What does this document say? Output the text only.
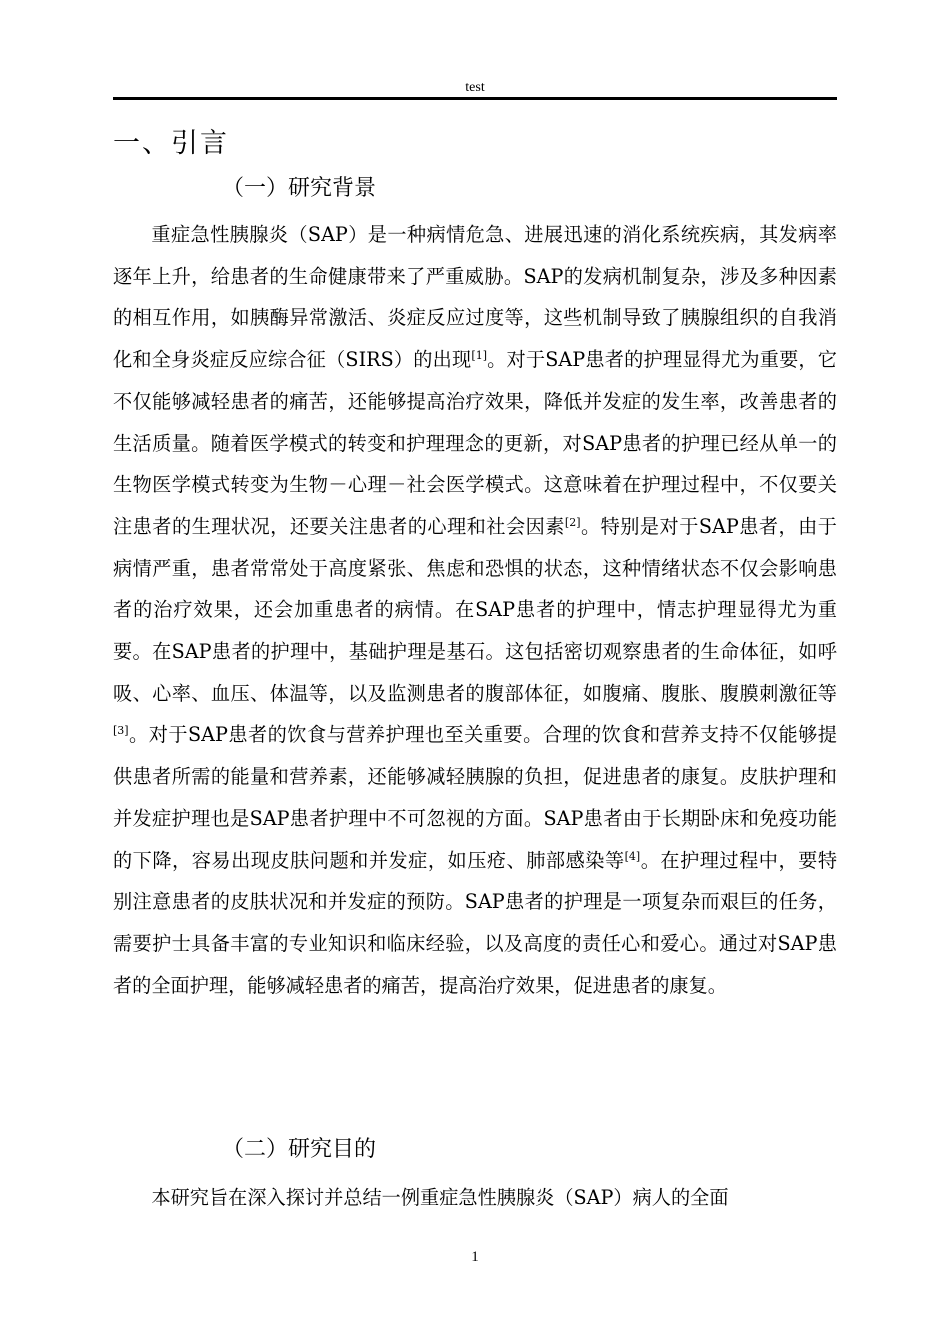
test
一、引言
（一）研究背景
重症急性胰腺炎（SAP）是一种病情危急、进展迅速的消化系统疾病，其发病率逐年上升，给患者的生命健康带来了严重威胁。SAP的发病机制复杂，涉及多种因素的相互作用，如胰酶异常激活、炎症反应过度等，这些机制导致了胰腺组织的自我消化和全身炎症反应综合征（SIRS）的出现[1]。对于SAP患者的护理显得尤为重要，它不仅能够减轻患者的痛苦，还能够提高治疗效果，降低并发症的发生率，改善患者的生活质量。随着医学模式的转变和护理理念的更新，对SAP患者的护理已经从单一的生物医学模式转变为生物－心理－社会医学模式。这意味着在护理过程中，不仅要关注患者的生理状况，还要关注患者的心理和社会因素[2]。特别是对于SAP患者，由于病情严重，患者常常处于高度紧张、焦虑和恐惧的状态，这种情绪状态不仅会影响患者的治疗效果，还会加重患者的病情。在SAP患者的护理中，情志护理显得尤为重要。在SAP患者的护理中，基础护理是基石。这包括密切观察患者的生命体征，如呼吸、心率、血压、体温等，以及监测患者的腹部体征，如腹痛、腹胀、腹膜刺激征等[3]。对于SAP患者的饮食与营养护理也至关重要。合理的饮食和营养支持不仅能够提供患者所需的能量和营养素，还能够减轻胰腺的负担，促进患者的康复。皮肤护理和并发症护理也是SAP患者护理中不可忽视的方面。SAP患者由于长期卧床和免疫功能的下降，容易出现皮肤问题和并发症，如压疮、肺部感染等[4]。在护理过程中，要特别注意患者的皮肤状况和并发症的预防。SAP患者的护理是一项复杂而艰巨的任务，需要护士具备丰富的专业知识和临床经验，以及高度的责任心和爱心。通过对SAP患者的全面护理，能够减轻患者的痛苦，提高治疗效果，促进患者的康复。
（二）研究目的
本研究旨在深入探讨并总结一例重症急性胰腺炎（SAP）病人的全面
1
